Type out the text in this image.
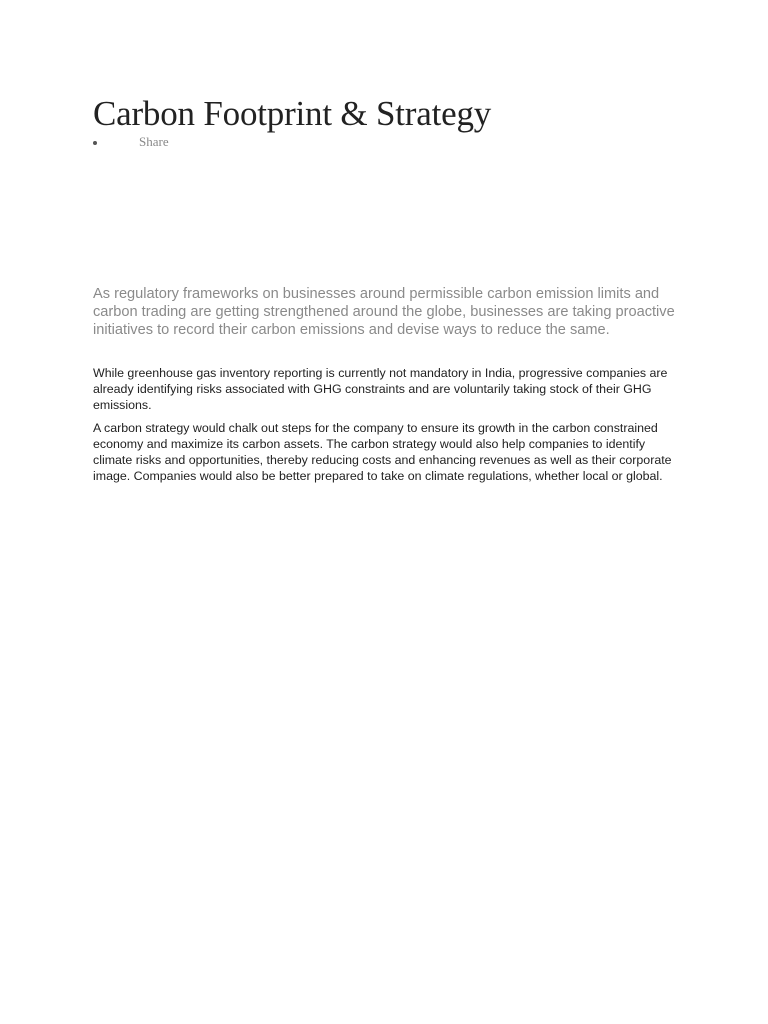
Carbon Footprint & Strategy
Share

As regulatory frameworks on businesses around permissible carbon emission limits and carbon trading are getting strengthened around the globe, businesses are taking proactive initiatives to record their carbon emissions and devise ways to reduce the same.

While greenhouse gas inventory reporting is currently not mandatory in India, progressive companies are already identifying risks associated with GHG constraints and are voluntarily taking stock of their GHG emissions.

A carbon strategy would chalk out steps for the company to ensure its growth in the carbon constrained economy and maximize its carbon assets. The carbon strategy would also help companies to identify climate risks and opportunities, thereby reducing costs and enhancing revenues as well as their corporate image. Companies would also be better prepared to take on climate regulations, whether local or global.
